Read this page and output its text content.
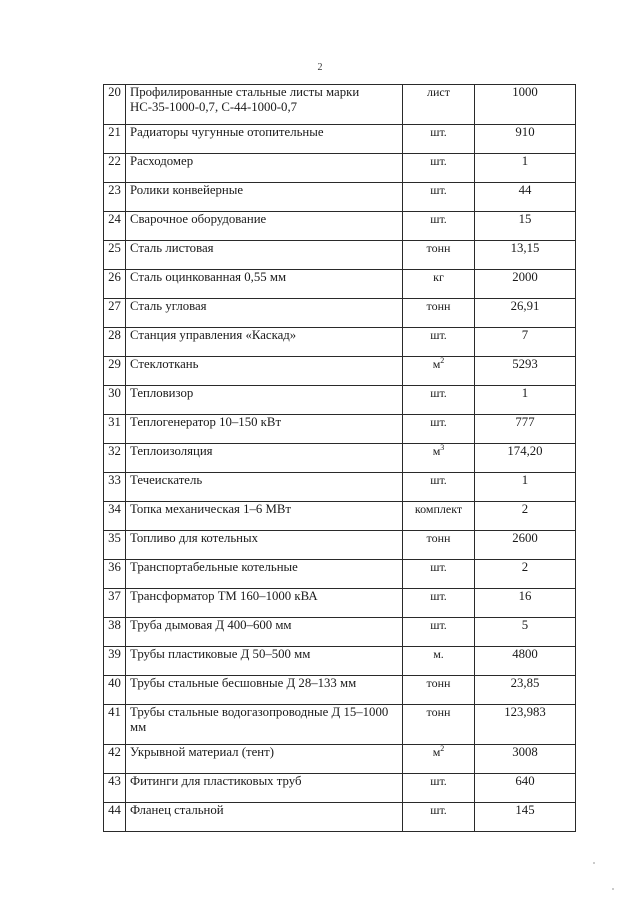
2
20	Профилированные стальные листы марки НС-35-1000-0,7, С-44-1000-0,7	лист	1000
21	Радиаторы чугунные отопительные	шт.	910
22	Расходомер	шт.	1
23	Ролики конвейерные	шт.	44
24	Сварочное оборудование	шт.	15
25	Сталь листовая	тонн	13,15
26	Сталь оцинкованная 0,55 мм	кг	2000
27	Сталь угловая	тонн	26,91
28	Станция управления «Каскад»	шт.	7
29	Стеклоткань	$м^2$	5293
30	Тепловизор	шт.	1
31	Теплогенератор 10–150 кВт	шт.	777
32	Теплоизоляция	$м^3$	174,20
33	Течеискатель	шт.	1
34	Топка механическая 1–6 МВт	комплект	2
35	Топливо для котельных	тонн	2600
36	Транспортабельные котельные	шт.	2
37	Трансформатор ТМ 160–1000 кВА	шт.	16
38	Труба дымовая Д 400–600 мм	шт.	5
39	Трубы пластиковые Д 50–500 мм	м.	4800
40	Трубы стальные бесшовные Д 28–133 мм	тонн	23,85
41	Трубы стальные водогазопроводные Д 15–1000 мм	тонн	123,983
42	Укрывной материал (тент)	$м^2$	3008
43	Фитинги для пластиковых труб	шт.	640
44	Фланец стальной	шт.	145
